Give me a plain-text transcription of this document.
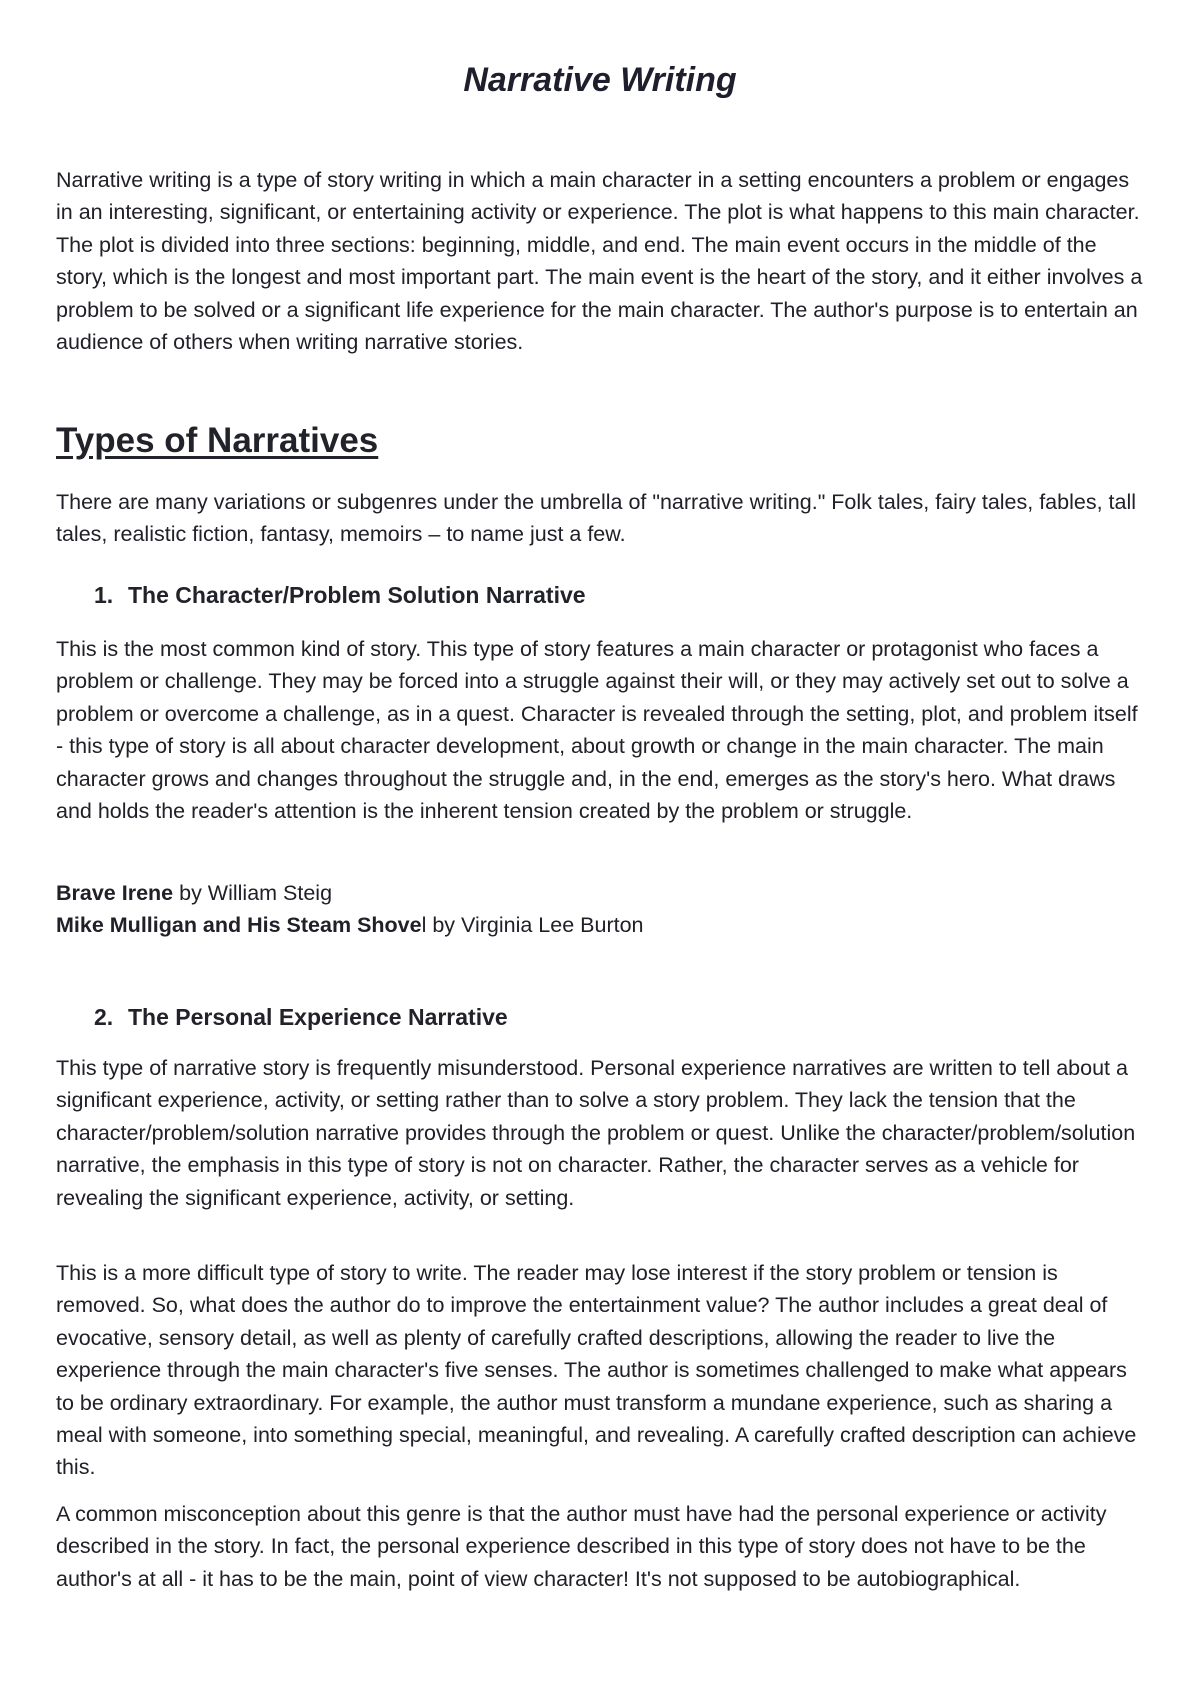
Narrative Writing

Narrative writing is a type of story writing in which a main character in a setting encounters a problem or engages in an interesting, significant, or entertaining activity or experience. The plot is what happens to this main character. The plot is divided into three sections: beginning, middle, and end. The main event occurs in the middle of the story, which is the longest and most important part. The main event is the heart of the story, and it either involves a problem to be solved or a significant life experience for the main character. The author's purpose is to entertain an audience of others when writing narrative stories.

Types of Narratives

There are many variations or subgenres under the umbrella of "narrative writing." Folk tales, fairy tales, fables, tall tales, realistic fiction, fantasy, memoirs – to name just a few.

1. The Character/Problem Solution Narrative

This is the most common kind of story. This type of story features a main character or protagonist who faces a problem or challenge. They may be forced into a struggle against their will, or they may actively set out to solve a problem or overcome a challenge, as in a quest. Character is revealed through the setting, plot, and problem itself - this type of story is all about character development, about growth or change in the main character. The main character grows and changes throughout the struggle and, in the end, emerges as the story's hero. What draws and holds the reader's attention is the inherent tension created by the problem or struggle.

Brave Irene by William Steig
Mike Mulligan and His Steam Shovel by Virginia Lee Burton
2. The Personal Experience Narrative

This type of narrative story is frequently misunderstood. Personal experience narratives are written to tell about a significant experience, activity, or setting rather than to solve a story problem. They lack the tension that the character/problem/solution narrative provides through the problem or quest. Unlike the character/problem/solution narrative, the emphasis in this type of story is not on character. Rather, the character serves as a vehicle for revealing the significant experience, activity, or setting.

This is a more difficult type of story to write. The reader may lose interest if the story problem or tension is removed. So, what does the author do to improve the entertainment value? The author includes a great deal of evocative, sensory detail, as well as plenty of carefully crafted descriptions, allowing the reader to live the experience through the main character's five senses. The author is sometimes challenged to make what appears to be ordinary extraordinary. For example, the author must transform a mundane experience, such as sharing a meal with someone, into something special, meaningful, and revealing. A carefully crafted description can achieve this.

A common misconception about this genre is that the author must have had the personal experience or activity described in the story. In fact, the personal experience described in this type of story does not have to be the author's at all - it has to be the main, point of view character! It's not supposed to be autobiographical.
